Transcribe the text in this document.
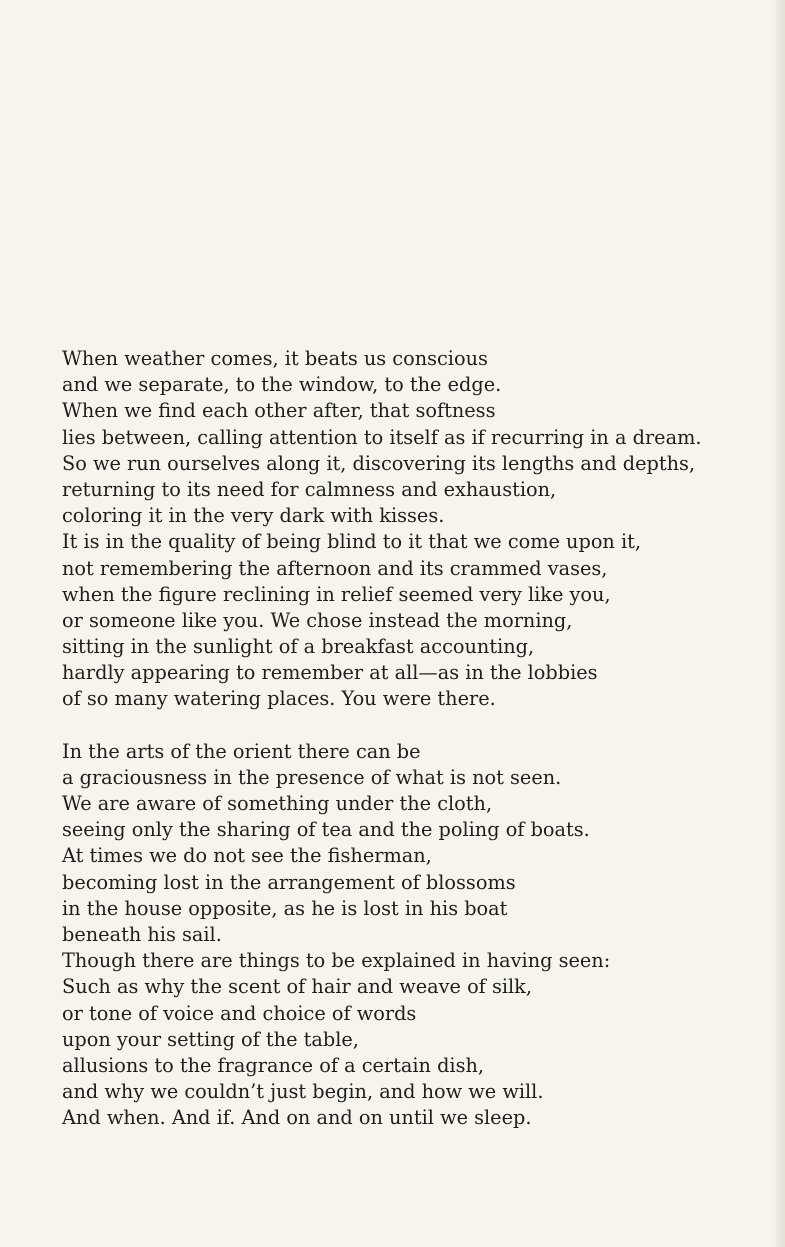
When weather comes, it beats us conscious
and we separate, to the window, to the edge.
When we find each other after, that softness
lies between, calling attention to itself as if recurring in a dream.
So we run ourselves along it, discovering its lengths and depths,
returning to its need for calmness and exhaustion,
coloring it in the very dark with kisses.
It is in the quality of being blind to it that we come upon it,
not remembering the afternoon and its crammed vases,
when the figure reclining in relief seemed very like you,
or someone like you. We chose instead the morning,
sitting in the sunlight of a breakfast accounting,
hardly appearing to remember at all—as in the lobbies
of so many watering places. You were there.

In the arts of the orient there can be
a graciousness in the presence of what is not seen.
We are aware of something under the cloth,
seeing only the sharing of tea and the poling of boats.
At times we do not see the fisherman,
becoming lost in the arrangement of blossoms
in the house opposite, as he is lost in his boat
beneath his sail.
Though there are things to be explained in having seen:
Such as why the scent of hair and weave of silk,
or tone of voice and choice of words
upon your setting of the table,
allusions to the fragrance of a certain dish,
and why we couldn’t just begin, and how we will.
And when. And if. And on and on until we sleep.
